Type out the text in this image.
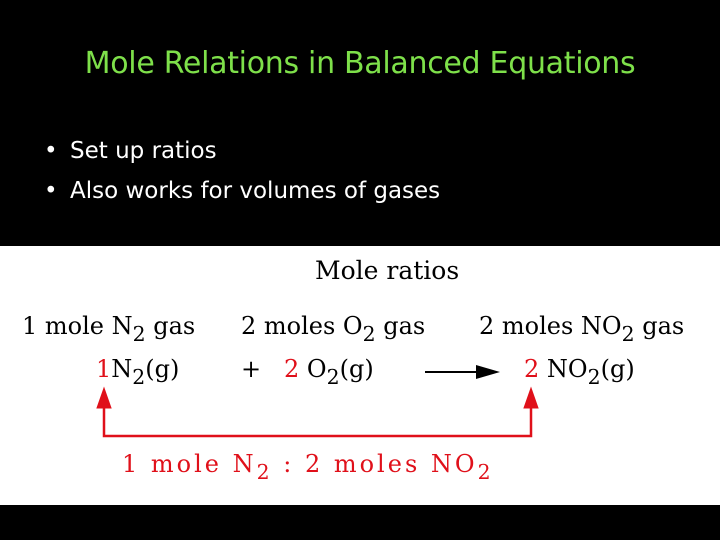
Mole Relations in Balanced Equations
• Set up ratios
• Also works for volumes of gases
Mole ratios
1 mole $N_2$ gas 2 moles $O_2$ gas 2 moles $NO_2$ gas
$1N_2(g)$	+ 2 $O_2(g)$	2 $NO_2(g)$
1 mole $N_2$ : 2 moles $NO_2$
